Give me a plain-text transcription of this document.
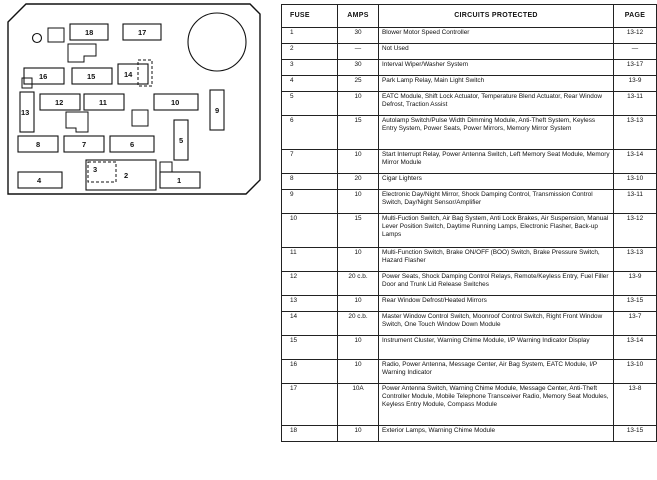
18	17
16	15	14
12	11	10
13	9
8	7	6	5
3
2
4	1
FUSE	AMPS	CIRCUITS PROTECTED	PAGE
1	30	Blower Motor Speed Controller	13-12
2	—	Not Used	—
3	30	Interval Wiper/Washer System	13-17
4	25	Park Lamp Relay, Main Light Switch	13-9
5	10	EATC Module, Shift Lock Actuator, Temperature Blend Actuator, Rear Window Defrost, Traction Assist	13-11
6	15	Autolamp Switch/Pulse Width Dimming Module, Anti-Theft System, Keyless Entry System, Power Seats, Power Mirrors, Memory Mirror System	13-13
7	10	Start Interrupt Relay, Power Antenna Switch, Left Memory Seat Module, Memory Mirror Module	13-14
8	20	Cigar Lighters	13-10
9	10	Electronic Day/Night Mirror, Shock Damping Control, Transmission Control Switch, Day/Night Sensor/Amplifier	13-11
10	15	Multi-Fuction Switch, Air Bag System, Anti Lock Brakes, Air Suspension, Manual Lever Position Switch, Daytime Running Lamps, Electronic Flasher, Back-up Lamps	13-12
11	10	Multi-Function Switch, Brake ON/OFF (BOO) Switch, Brake Pressure Switch, Hazard Flasher	13-13
12	20 c.b.	Power Seats, Shock Damping Control Relays, Remote/Keyless Entry, Fuel Filler Door and Trunk Lid Release Switches	13-9
13	10	Rear Window Defrost/Heated Mirrors	13-15
14	20 c.b.	Master Window Control Switch, Moonroof Control Switch, Right Front Window Switch, One Touch Window Down Module	13-7
15	10	Instrument Cluster, Warning Chime Module, I/P Warning Indicator Display	13-14
16	10	Radio, Power Antenna, Message Center, Air Bag System, EATC Module, I/P Warning Indicator	13-10
17	10A	Power Antenna Switch, Warning Chime Module, Message Center, Anti-Theft Controller Module, Mobile Telephone Transceiver Radio, Memory Seat Modules, Keyless Entry Module, Compass Module	13-8
18	10	Exterior Lamps, Warning Chime Module	13-15
